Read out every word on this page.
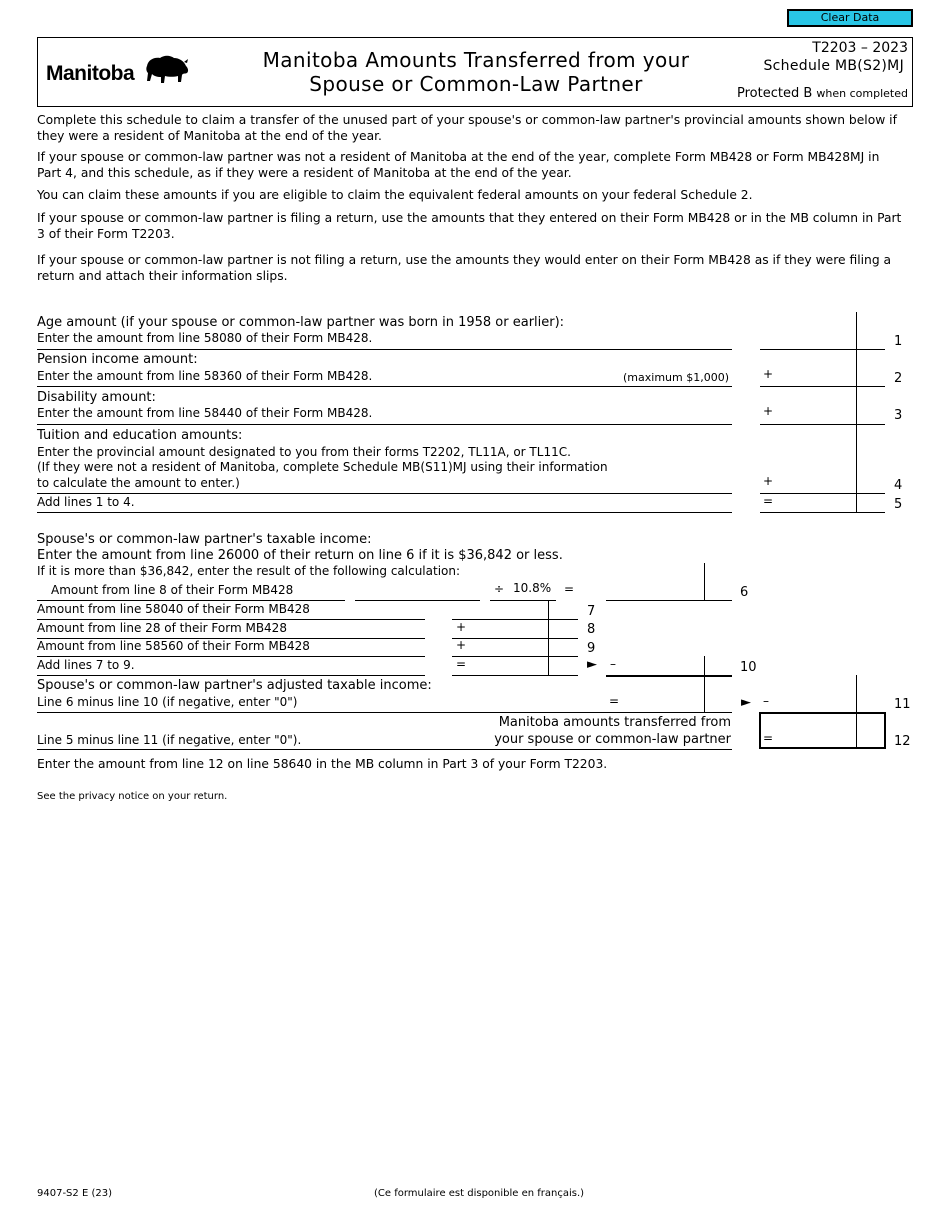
Clear Data
Manitoba
Manitoba Amounts Transferred from your
Spouse or Common-Law Partner
T2203 – 2023
Schedule MB(S2)MJ
Protected B when completed
Complete this schedule to claim a transfer of the unused part of your spouse's or common-law partner's provincial amounts shown below if they were a resident of Manitoba at the end of the year.
If your spouse or common-law partner was not a resident of Manitoba at the end of the year, complete Form MB428 or Form MB428MJ in Part 4, and this schedule, as if they were a resident of Manitoba at the end of the year.
You can claim these amounts if you are eligible to claim the equivalent federal amounts on your federal Schedule 2.
If your spouse or common-law partner is filing a return, use the amounts that they entered on their Form MB428 or in the MB column in Part 3 of their Form T2203.
If your spouse or common-law partner is not filing a return, use the amounts they would enter on their Form MB428 as if they were filing a return and attach their information slips.
Age amount (if your spouse or common-law partner was born in 1958 or earlier):
Enter the amount from line 58080 of their Form MB428.	1
Pension income amount:
Enter the amount from line 58360 of their Form MB428.	(maximum $1,000)	+	2
Disability amount:
Enter the amount from line 58440 of their Form MB428.	+	3
Tuition and education amounts:
Enter the provincial amount designated to you from their forms T2202, TL11A, or TL11C.
(If they were not a resident of Manitoba, complete Schedule MB(S11)MJ using their information
to calculate the amount to enter.)	+	4
Add lines 1 to 4.	=	5
Spouse's or common-law partner's taxable income:
Enter the amount from line 26000 of their return on line 6 if it is $36,842 or less.
If it is more than $36,842, enter the result of the following calculation:
Amount from line 8 of their Form MB428	÷ 10.8% =	6
Amount from line 58040 of their Form MB428	7
Amount from line 28 of their Form MB428	+	8
Amount from line 58560 of their Form MB428	+	9
Add lines 7 to 9.	=	► –	10
Spouse's or common-law partner's adjusted taxable income:
Line 6 minus line 10 (if negative, enter "0")	=	► –	11
Manitoba amounts transferred from
your spouse or common-law partner
Line 5 minus line 11 (if negative, enter "0").	=	12
Enter the amount from line 12 on line 58640 in the MB column in Part 3 of your Form T2203.
See the privacy notice on your return.
9407-S2 E (23)	(Ce formulaire est disponible en français.)
